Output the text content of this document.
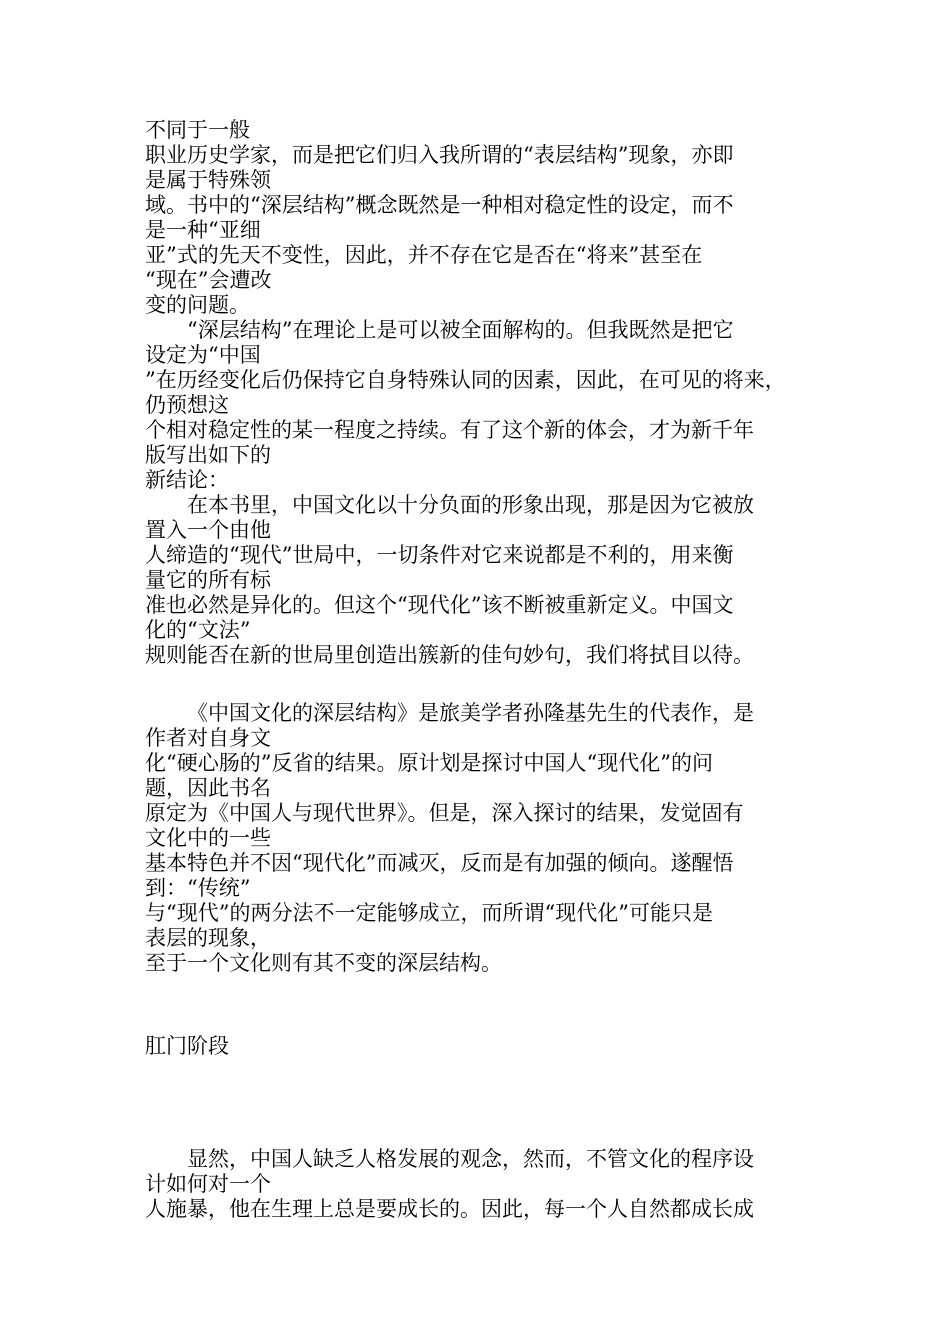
不同于一般
职业历史学家，而是把它们归入我所谓的“表层结构”现象，亦即
是属于特殊领
域。书中的“深层结构”概念既然是一种相对稳定性的设定，而不
是一种“亚细
亚”式的先天不变性，因此，并不存在它是否在“将来”甚至在
“现在”会遭改
变的问题。
“深层结构”在理论上是可以被全面解构的。但我既然是把它
设定为“中国
”在历经变化后仍保持它自身特殊认同的因素，因此，在可见的将来，
仍预想这
个相对稳定性的某一程度之持续。有了这个新的体会，才为新千年
版写出如下的
新结论：
在本书里，中国文化以十分负面的形象出现，那是因为它被放
置入一个由他
人缔造的“现代”世局中，一切条件对它来说都是不利的，用来衡
量它的所有标
准也必然是异化的。但这个“现代化”该不断被重新定义。中国文
化的“文法”
规则能否在新的世局里创造出簇新的佳句妙句，我们将拭目以待。
《中国文化的深层结构》是旅美学者孙隆基先生的代表作，是
作者对自身文
化“硬心肠的”反省的结果。原计划是探讨中国人“现代化”的问
题，因此书名
原定为《中国人与现代世界》。但是，深入探讨的结果，发觉固有
文化中的一些
基本特色并不因“现代化”而减灭，反而是有加强的倾向。遂醒悟
到：“传统”
与“现代”的两分法不一定能够成立，而所谓“现代化”可能只是
表层的现象，
至于一个文化则有其不变的深层结构。
肛门阶段
显然，中国人缺乏人格发展的观念，然而，不管文化的程序设
计如何对一个
人施暴，他在生理上总是要成长的。因此，每一个人自然都成长成
